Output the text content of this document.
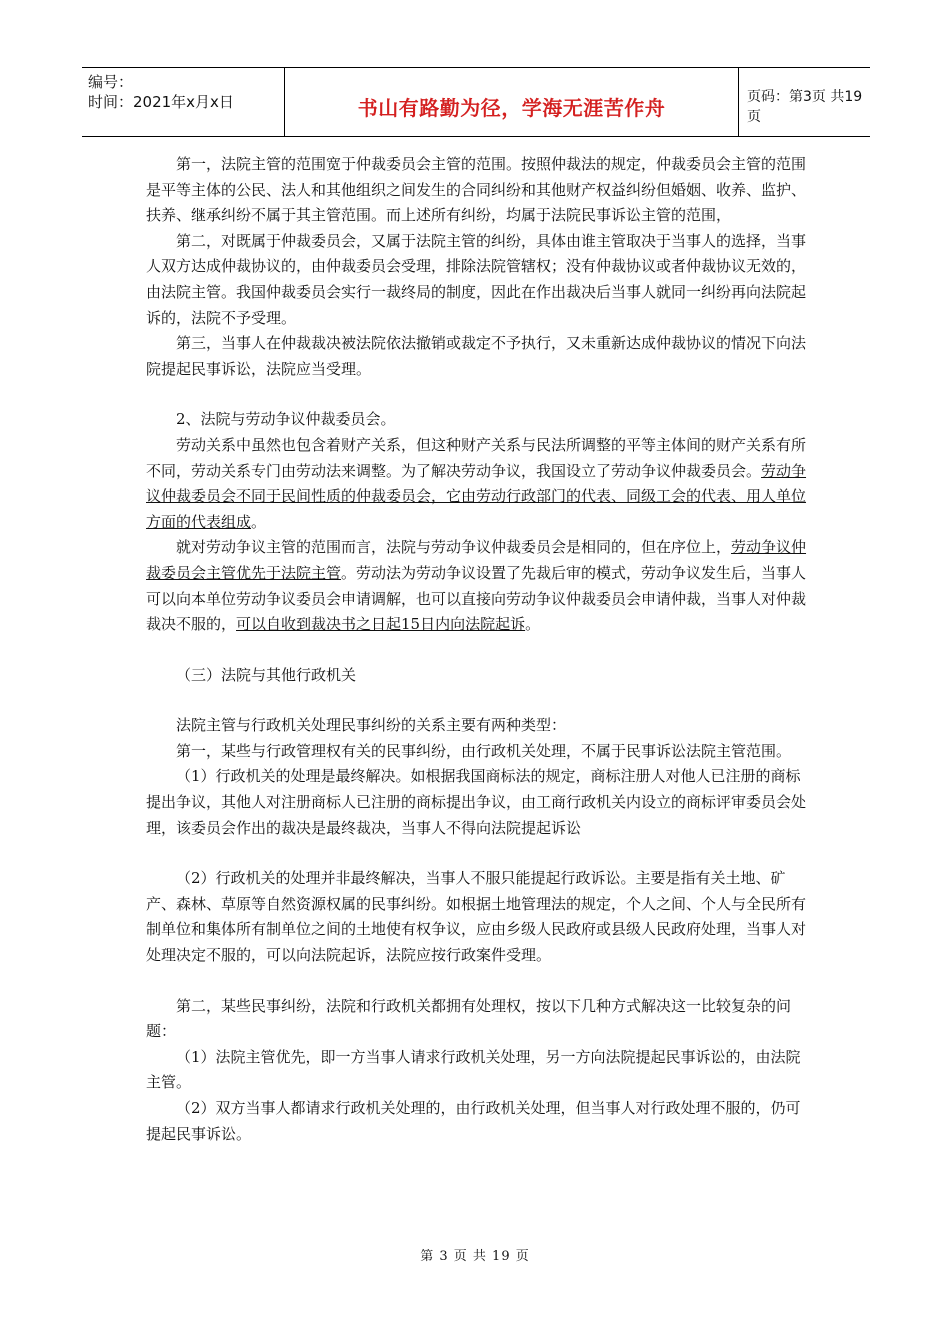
编号：
时间：2021年x月x日	书山有路勤为径，学海无涯苦作舟	页码：第3页 共19页

第一，法院主管的范围宽于仲裁委员会主管的范围。按照仲裁法的规定，仲裁委员会主管的范围是平等主体的公民、法人和其他组织之间发生的合同纠纷和其他财产权益纠纷但婚姻、收养、监护、扶养、继承纠纷不属于其主管范围。而上述所有纠纷，均属于法院民事诉讼主管的范围，

第二，对既属于仲裁委员会，又属于法院主管的纠纷，具体由谁主管取决于当事人的选择，当事人双方达成仲裁协议的，由仲裁委员会受理，排除法院管辖权；没有仲裁协议或者仲裁协议无效的，由法院主管。我国仲裁委员会实行一裁终局的制度，因此在作出裁决后当事人就同一纠纷再向法院起诉的，法院不予受理。

第三，当事人在仲裁裁决被法院依法撤销或裁定不予执行，又未重新达成仲裁协议的情况下向法院提起民事诉讼，法院应当受理。

2、法院与劳动争议仲裁委员会。

劳动关系中虽然也包含着财产关系，但这种财产关系与民法所调整的平等主体间的财产关系有所不同，劳动关系专门由劳动法来调整。为了解决劳动争议，我国设立了劳动争议仲裁委员会。劳动争议仲裁委员会不同于民间性质的仲裁委员会，它由劳动行政部门的代表、同级工会的代表、用人单位方面的代表组成。

就对劳动争议主管的范围而言，法院与劳动争议仲裁委员会是相同的，但在序位上，劳动争议仲裁委员会主管优先于法院主管。劳动法为劳动争议设置了先裁后审的模式，劳动争议发生后，当事人可以向本单位劳动争议委员会申请调解，也可以直接向劳动争议仲裁委员会申请仲裁，当事人对仲裁裁决不服的，可以自收到裁决书之日起15日内向法院起诉。

（三）法院与其他行政机关

法院主管与行政机关处理民事纠纷的关系主要有两种类型：

第一，某些与行政管理权有关的民事纠纷，由行政机关处理，不属于民事诉讼法院主管范围。

（1）行政机关的处理是最终解决。如根据我国商标法的规定，商标注册人对他人已注册的商标提出争议，其他人对注册商标人已注册的商标提出争议，由工商行政机关内设立的商标评审委员会处理，该委员会作出的裁决是最终裁决，当事人不得向法院提起诉讼

（2）行政机关的处理并非最终解决，当事人不服只能提起行政诉讼。主要是指有关土地、矿产、森林、草原等自然资源权属的民事纠纷。如根据土地管理法的规定，个人之间、个人与全民所有制单位和集体所有制单位之间的土地使有权争议，应由乡级人民政府或县级人民政府处理，当事人对处理决定不服的，可以向法院起诉，法院应按行政案件受理。

第二，某些民事纠纷，法院和行政机关都拥有处理权，按以下几种方式解决这一比较复杂的问题：

（1）法院主管优先，即一方当事人请求行政机关处理，另一方向法院提起民事诉讼的，由法院主管。

（2）双方当事人都请求行政机关处理的，由行政机关处理，但当事人对行政处理不服的，仍可提起民事诉讼。

第 3 页 共 19 页
